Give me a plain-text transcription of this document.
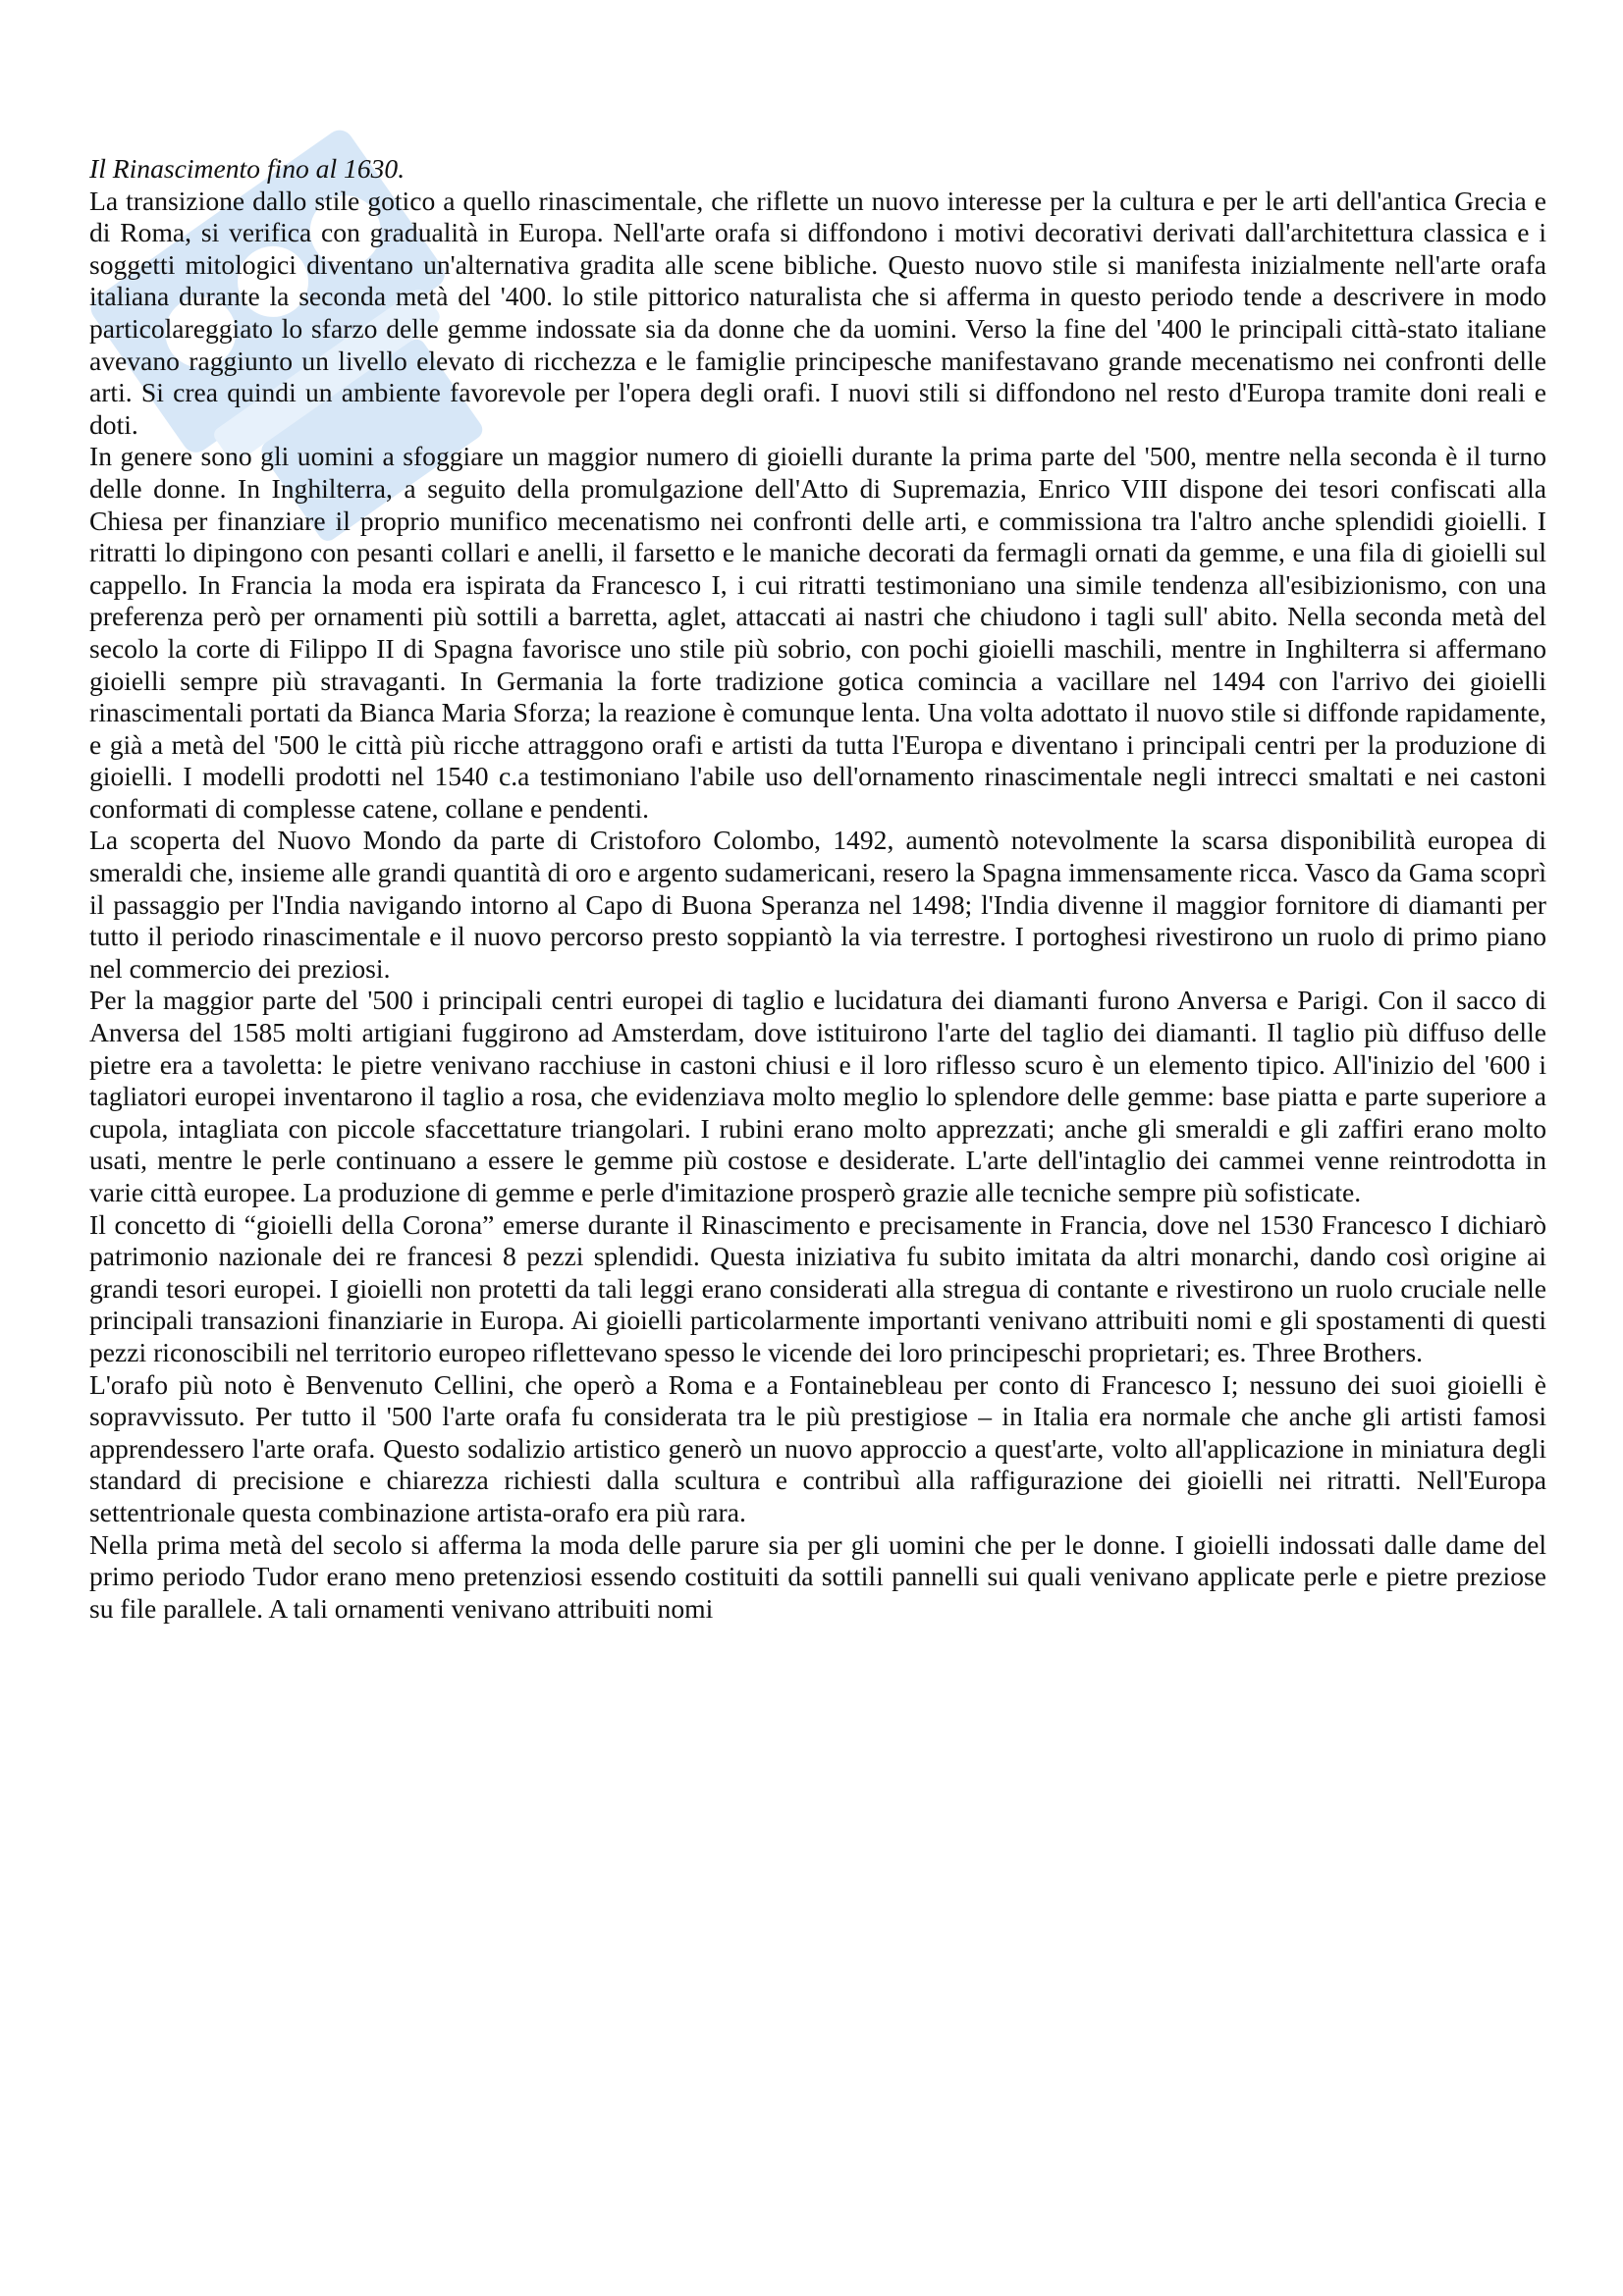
Il Rinascimento fino al 1630.

La transizione dallo stile gotico a quello rinascimentale, che riflette un nuovo interesse per la cultura e per le arti dell'antica Grecia e di Roma, si verifica con gradualità in Europa. Nell'arte orafa si diffondono i motivi decorativi derivati dall'architettura classica e i soggetti mitologici diventano un'alternativa gradita alle scene bibliche. Questo nuovo stile si manifesta inizialmente nell'arte orafa italiana durante la seconda metà del '400. lo stile pittorico naturalista che si afferma in questo periodo tende a descrivere in modo particolareggiato lo sfarzo delle gemme indossate sia da donne che da uomini. Verso la fine del '400 le principali città-stato italiane avevano raggiunto un livello elevato di ricchezza e le famiglie principesche manifestavano grande mecenatismo nei confronti delle arti. Si crea quindi un ambiente favorevole per l'opera degli orafi. I nuovi stili si diffondono nel resto d'Europa tramite doni reali e doti.

In genere sono gli uomini a sfoggiare un maggior numero di gioielli durante la prima parte del '500, mentre nella seconda è il turno delle donne. In Inghilterra, a seguito della promulgazione dell'Atto di Supremazia, Enrico VIII dispone dei tesori confiscati alla Chiesa per finanziare il proprio munifico mecenatismo nei confronti delle arti, e commissiona tra l'altro anche splendidi gioielli. I ritratti lo dipingono con pesanti collari e anelli, il farsetto e le maniche decorati da fermagli ornati da gemme, e una fila di gioielli sul cappello. In Francia la moda era ispirata da Francesco I, i cui ritratti testimoniano una simile tendenza all'esibizionismo, con una preferenza però per ornamenti più sottili a barretta, aglet, attaccati ai nastri che chiudono i tagli sull' abito. Nella seconda metà del secolo la corte di Filippo II di Spagna favorisce uno stile più sobrio, con pochi gioielli maschili, mentre in Inghilterra si affermano gioielli sempre più stravaganti. In Germania la forte tradizione gotica comincia a vacillare nel 1494 con l'arrivo dei gioielli rinascimentali portati da Bianca Maria Sforza; la reazione è comunque lenta. Una volta adottato il nuovo stile si diffonde rapidamente, e già a metà del '500 le città più ricche attraggono orafi e artisti da tutta l'Europa e diventano i principali centri per la produzione di gioielli. I modelli prodotti nel 1540 c.a testimoniano l'abile uso dell'ornamento rinascimentale negli intrecci smaltati e nei castoni conformati di complesse catene, collane e pendenti.

La scoperta del Nuovo Mondo da parte di Cristoforo Colombo, 1492, aumentò notevolmente la scarsa disponibilità europea di smeraldi che, insieme alle grandi quantità di oro e argento sudamericani, resero la Spagna immensamente ricca. Vasco da Gama scoprì il passaggio per l'India navigando intorno al Capo di Buona Speranza nel 1498; l'India divenne il maggior fornitore di diamanti per tutto il periodo rinascimentale e il nuovo percorso presto soppiantò la via terrestre. I portoghesi rivestirono un ruolo di primo piano nel commercio dei preziosi.

Per la maggior parte del '500 i principali centri europei di taglio e lucidatura dei diamanti furono Anversa e Parigi. Con il sacco di Anversa del 1585 molti artigiani fuggirono ad Amsterdam, dove istituirono l'arte del taglio dei diamanti. Il taglio più diffuso delle pietre era a tavoletta: le pietre venivano racchiuse in castoni chiusi e il loro riflesso scuro è un elemento tipico. All'inizio del '600 i tagliatori europei inventarono il taglio a rosa, che evidenziava molto meglio lo splendore delle gemme: base piatta e parte superiore a cupola, intagliata con piccole sfaccettature triangolari. I rubini erano molto apprezzati; anche gli smeraldi e gli zaffiri erano molto usati, mentre le perle continuano a essere le gemme più costose e desiderate. L'arte dell'intaglio dei cammei venne reintrodotta in varie città europee. La produzione di gemme e perle d'imitazione prosperò grazie alle tecniche sempre più sofisticate.

Il concetto di “gioielli della Corona” emerse durante il Rinascimento e precisamente in Francia, dove nel 1530 Francesco I dichiarò patrimonio nazionale dei re francesi 8 pezzi splendidi. Questa iniziativa fu subito imitata da altri monarchi, dando così origine ai grandi tesori europei. I gioielli non protetti da tali leggi erano considerati alla stregua di contante e rivestirono un ruolo cruciale nelle principali transazioni finanziarie in Europa. Ai gioielli particolarmente importanti venivano attribuiti nomi e gli spostamenti di questi pezzi riconoscibili nel territorio europeo riflettevano spesso le vicende dei loro principeschi proprietari; es. Three Brothers.

L'orafo più noto è Benvenuto Cellini, che operò a Roma e a Fontainebleau per conto di Francesco I; nessuno dei suoi gioielli è sopravvissuto. Per tutto il '500 l'arte orafa fu considerata tra le più prestigiose – in Italia era normale che anche gli artisti famosi apprendessero l'arte orafa. Questo sodalizio artistico generò un nuovo approccio a quest'arte, volto all'applicazione in miniatura degli standard di precisione e chiarezza richiesti dalla scultura e contribuì alla raffigurazione dei gioielli nei ritratti. Nell'Europa settentrionale questa combinazione artista-orafo era più rara.

Nella prima metà del secolo si afferma la moda delle parure sia per gli uomini che per le donne. I gioielli indossati dalle dame del primo periodo Tudor erano meno pretenziosi essendo costituiti da sottili pannelli sui quali venivano applicate perle e pietre preziose su file parallele. A tali ornamenti venivano attribuiti nomi
